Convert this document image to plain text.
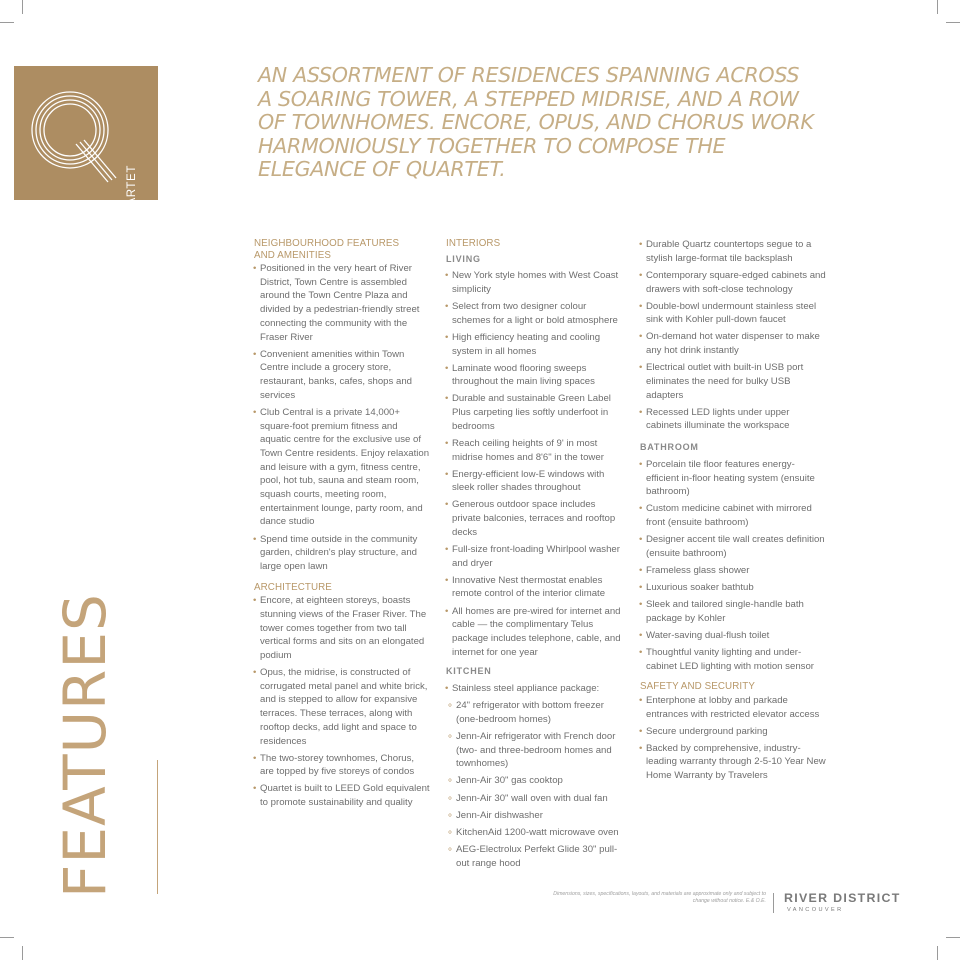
QUARTET
AN ASSORTMENT OF RESIDENCES SPANNING ACROSS A SOARING TOWER, A STEPPED MIDRISE, AND A ROW OF TOWNHOMES. ENCORE, OPUS, AND CHORUS WORK HARMONIOUSLY TOGETHER TO COMPOSE THE ELEGANCE OF QUARTET.
NEIGHBOURHOOD FEATURES AND AMENITIES
• Positioned in the very heart of River District, Town Centre is assembled around the Town Centre Plaza and divided by a pedestrian-friendly street connecting the community with the Fraser River
• Convenient amenities within Town Centre include a grocery store, restaurant, banks, cafes, shops and services
• Club Central is a private 14,000+ square-foot premium fitness and aquatic centre for the exclusive use of Town Centre residents. Enjoy relaxation and leisure with a gym, fitness centre, pool, hot tub, sauna and steam room, squash courts, meeting room, entertainment lounge, party room, and dance studio
• Spend time outside in the community garden, children's play structure, and large open lawn
ARCHITECTURE
• Encore, at eighteen storeys, boasts stunning views of the Fraser River. The tower comes together from two tall vertical forms and sits on an elongated podium
• Opus, the midrise, is constructed of corrugated metal panel and white brick, and is stepped to allow for expansive terraces. These terraces, along with rooftop decks, add light and space to residences
• The two-storey townhomes, Chorus, are topped by five storeys of condos
• Quartet is built to LEED Gold equivalent to promote sustainability and quality
INTERIORS
LIVING
• New York style homes with West Coast simplicity
• Select from two designer colour schemes for a light or bold atmosphere
• High efficiency heating and cooling system in all homes
• Laminate wood flooring sweeps throughout the main living spaces
• Durable and sustainable Green Label Plus carpeting lies softly underfoot in bedrooms
• Reach ceiling heights of 9' in most midrise homes and 8'6" in the tower
• Energy-efficient low-E windows with sleek roller shades throughout
• Generous outdoor space includes private balconies, terraces and rooftop decks
• Full-size front-loading Whirlpool washer and dryer
• Innovative Nest thermostat enables remote control of the interior climate
• All homes are pre-wired for internet and cable — the complimentary Telus package includes telephone, cable, and internet for one year
KITCHEN
• Stainless steel appliance package:
∘ 24" refrigerator with bottom freezer (one-bedroom homes)
∘ Jenn-Air refrigerator with French door (two- and three-bedroom homes and townhomes)
∘ Jenn-Air 30" gas cooktop
∘ Jenn-Air 30" wall oven with dual fan
∘ Jenn-Air dishwasher
∘ KitchenAid 1200-watt microwave oven
∘ AEG-Electrolux Perfekt Glide 30" pull-out range hood
• Durable Quartz countertops segue to a stylish large-format tile backsplash
• Contemporary square-edged cabinets and drawers with soft-close technology
• Double-bowl undermount stainless steel sink with Kohler pull-down faucet
• On-demand hot water dispenser to make any hot drink instantly
• Electrical outlet with built-in USB port eliminates the need for bulky USB adapters
• Recessed LED lights under upper cabinets illuminate the workspace
BATHROOM
• Porcelain tile floor features energy-efficient in-floor heating system (ensuite bathroom)
• Custom medicine cabinet with mirrored front (ensuite bathroom)
• Designer accent tile wall creates definition (ensuite bathroom)
• Frameless glass shower
• Luxurious soaker bathtub
• Sleek and tailored single-handle bath package by Kohler
• Water-saving dual-flush toilet
• Thoughtful vanity lighting and under-cabinet LED lighting with motion sensor
SAFETY AND SECURITY
• Enterphone at lobby and parkade entrances with restricted elevator access
• Secure underground parking
• Backed by comprehensive, industry-leading warranty through 2-5-10 Year New Home Warranty by Travelers
FEATURES	Dimensions, sizes, specifications, layouts, and materials are approximate only and subject to change without notice. E.& O.E. RIVER DISTRICT
VANCOUVER
